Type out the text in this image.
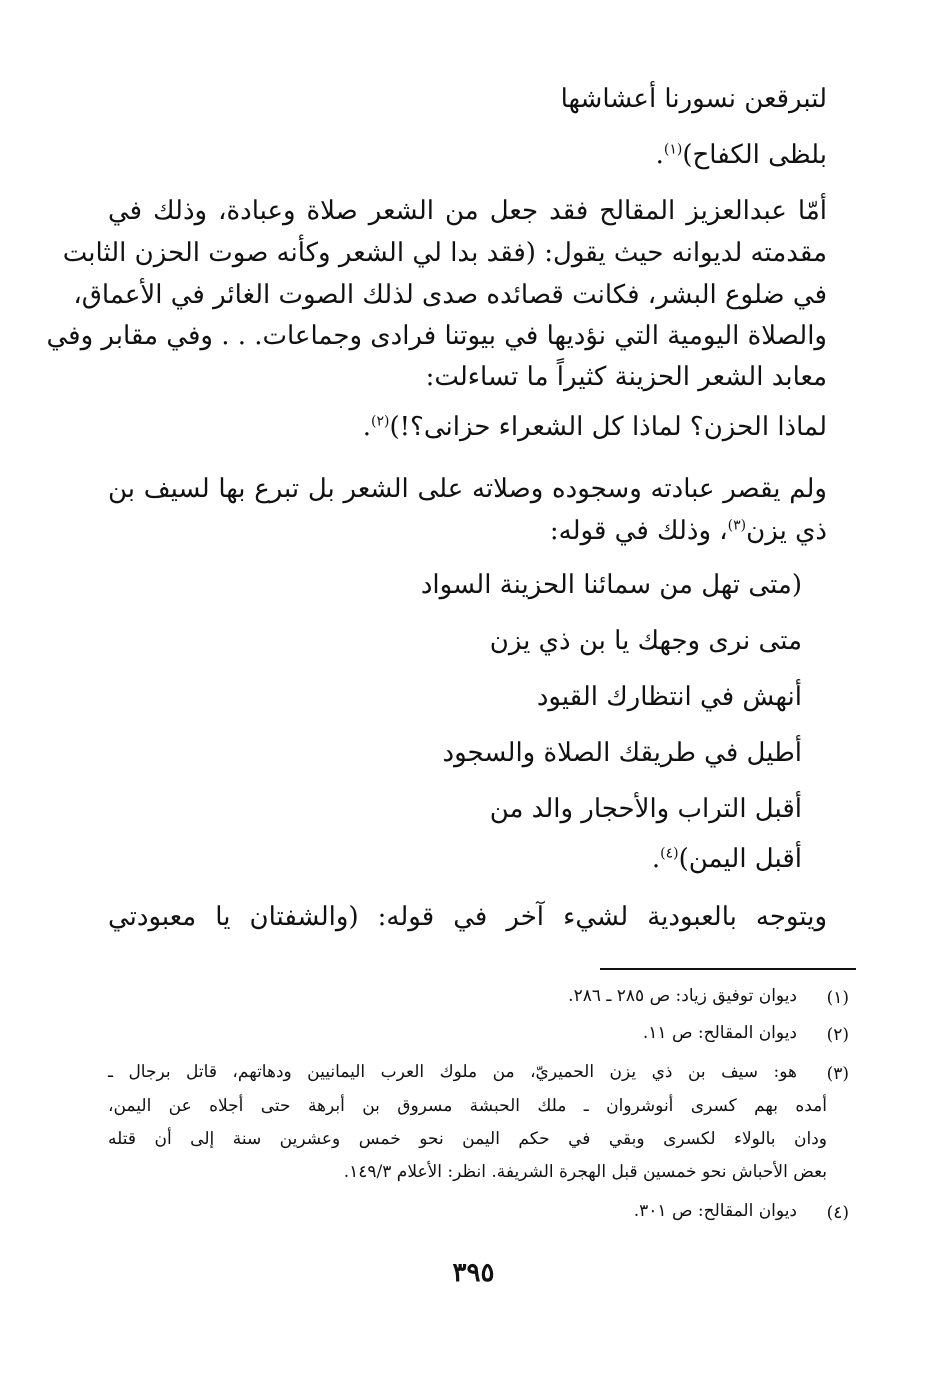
لتبرقعن نسورنا أعشاشها
بلظى الكفاح)$^{(١)}$.
أمّا عبدالعزيز المقالح فقد جعل من الشعر صلاة وعبادة، وذلك في
مقدمته لديوانه حيث يقول: (فقد بدا لي الشعر وكأنه صوت الحزن الثابت
في ضلوع البشر، فكانت قصائده صدى لذلك الصوت الغائر في الأعماق،
والصلاة اليومية التي نؤديها في بيوتنا فرادى وجماعات. . . وفي مقابر وفي
معابد الشعر الحزينة كثيراً ما تساءلت:
لماذا الحزن؟ لماذا كل الشعراء حزانى؟!)$^{(٢)}$.
ولم يقصر عبادته وسجوده وصلاته على الشعر بل تبرع بها لسيف بن
ذي يزن$^{(٣)}$، وذلك في قوله:
(متى تهل من سمائنا الحزينة السواد
متى نرى وجهك يا بن ذي يزن
أنهش في انتظارك القيود
أطيل في طريقك الصلاة والسجود
أقبل التراب والأحجار والد من
أقبل اليمن)$^{(٤)}$.
ويتوجه بالعبودية لشيء آخر في قوله: (والشفتان يا معبودتي
(١)
ديوان توفيق زياد: ص ٢٨٥ ـ ٢٨٦.
(٢)
ديوان المقالح: ص ١١.
(٣)
هو: سيف بن ذي يزن الحميريّ، من ملوك العرب اليمانيين ودهاتهم، قاتل برجال ـ
أمده بهم كسرى أنوشروان ـ ملك الحبشة مسروق بن أبرهة حتى أجلاه عن اليمن،
ودان بالولاء لكسرى وبقي في حكم اليمن نحو خمس وعشرين سنة إلى أن قتله
بعض الأحباش نحو خمسين قبل الهجرة الشريفة. انظر: الأعلام ١٤٩/٣.
(٤)
ديوان المقالح: ص ٣٠١.
٣٩٥
